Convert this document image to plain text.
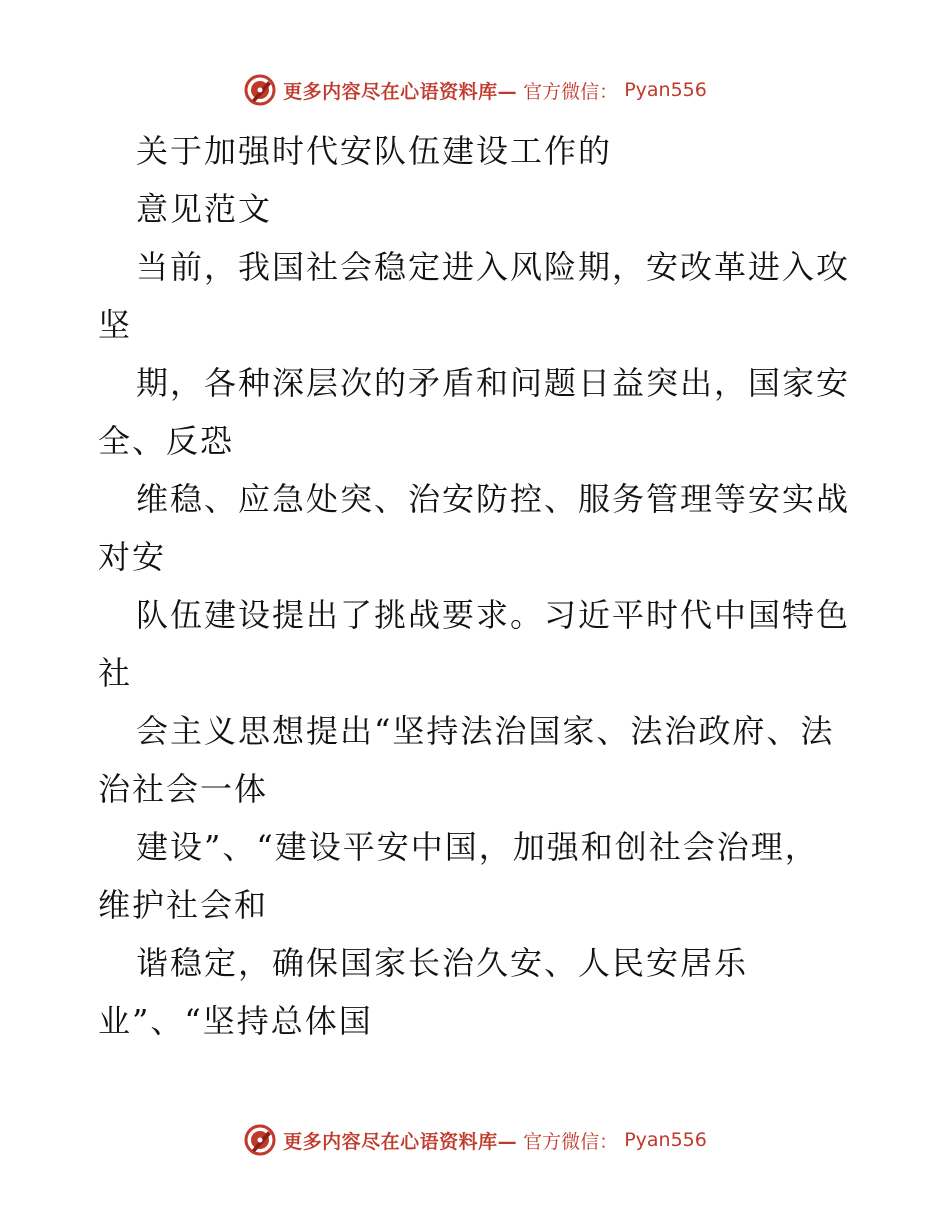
更多内容尽在心语资料库— 官方微信： Pyan556
关于加强时代安队伍建设工作的
意见范文
当前，我国社会稳定进入风险期，安改革进入攻
坚
期，各种深层次的矛盾和问题日益突出，国家安
全、反恐
维稳、应急处突、治安防控、服务管理等安实战
对安
队伍建设提出了挑战要求。习近平时代中国特色
社
会主义思想提出“坚持法治国家、法治政府、法
治社会一体
建设”、“建设平安中国，加强和创社会治理，
维护社会和
谐稳定，确保国家长治久安、人民安居乐
业”、“坚持总体国
更多内容尽在心语资料库— 官方微信： Pyan556
